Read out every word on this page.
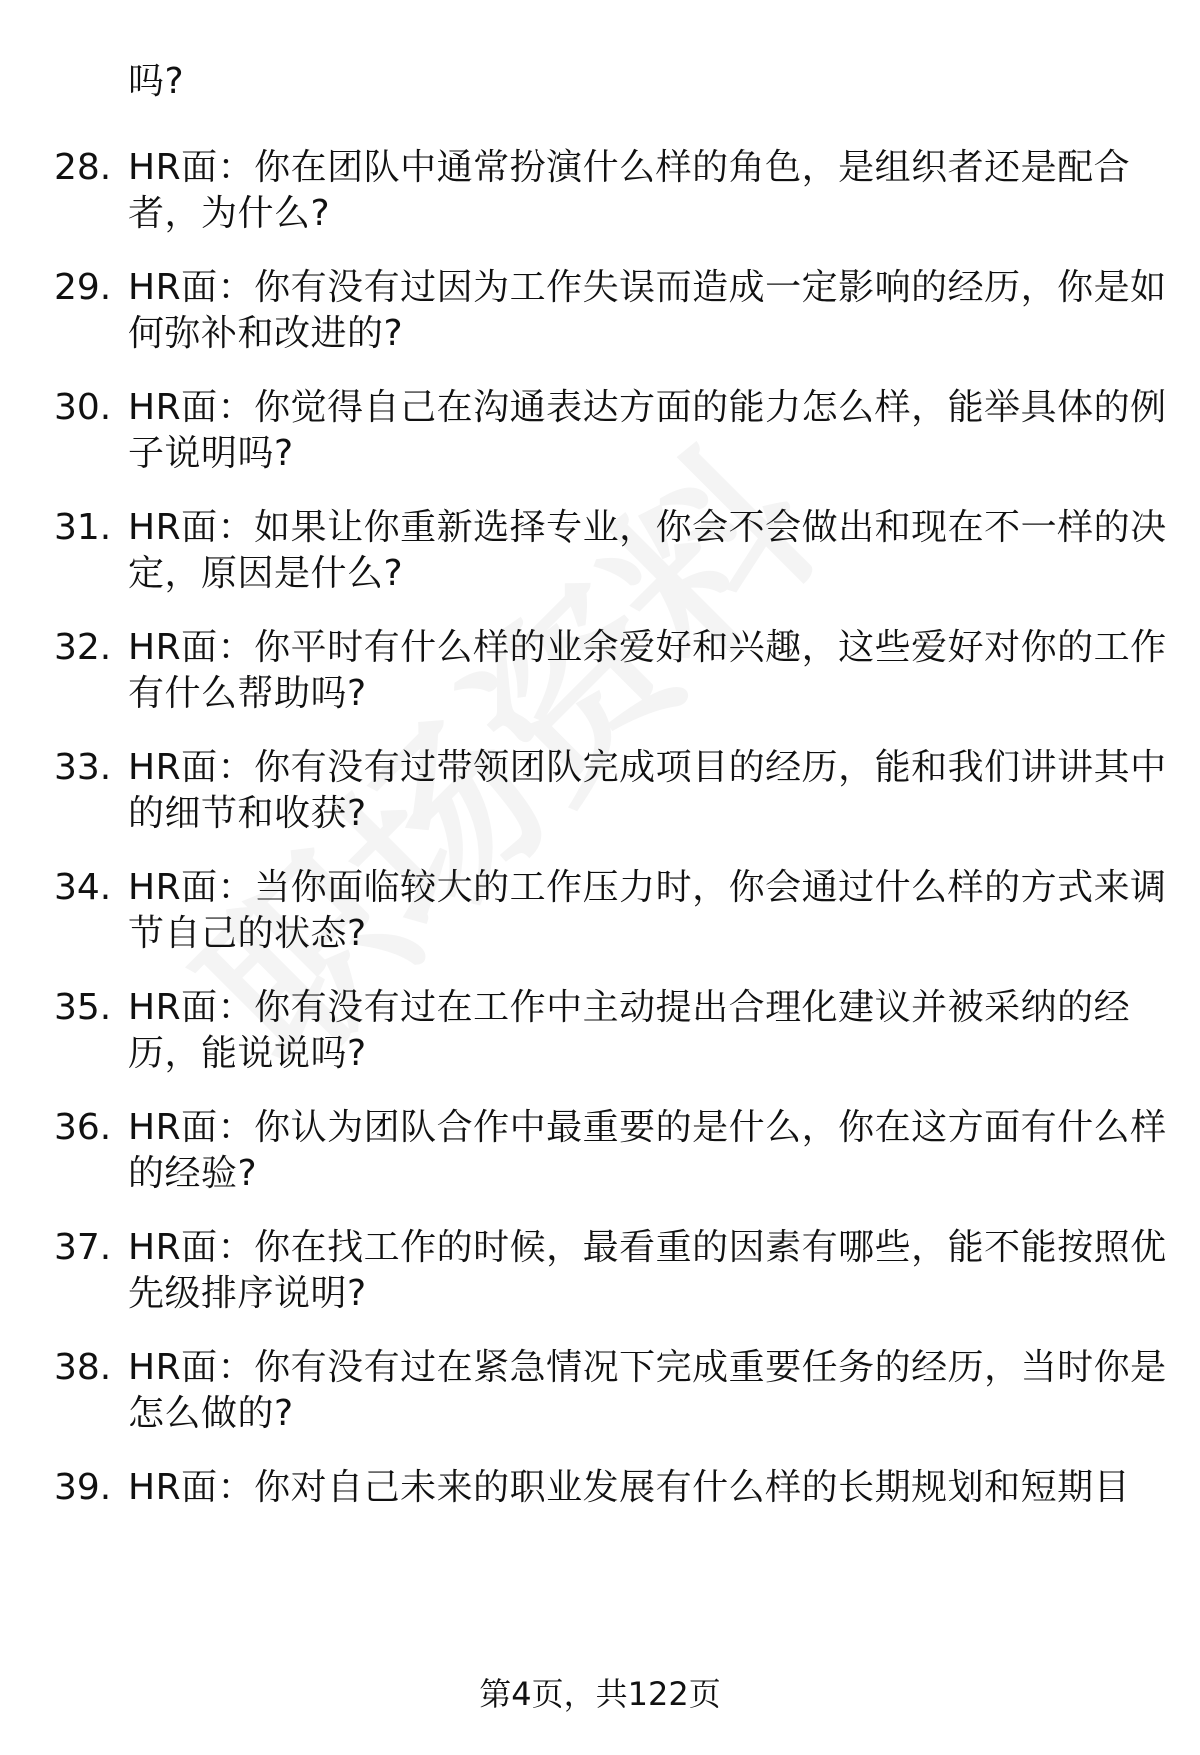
吗?
28. HR面：你在团队中通常扮演什么样的角色，是组织者还是配合
者，为什么?
29. HR面：你有没有过因为工作失误而造成一定影响的经历，你是如
何弥补和改进的?
30. HR面：你觉得自己在沟通表达方面的能力怎么样，能举具体的例
子说明吗?
31. HR面：如果让你重新选择专业，你会不会做出和现在不一样的决
定，原因是什么?
32. HR面：你平时有什么样的业余爱好和兴趣，这些爱好对你的工作
有什么帮助吗?
33. HR面：你有没有过带领团队完成项目的经历，能和我们讲讲其中
的细节和收获?
34. HR面：当你面临较大的工作压力时，你会通过什么样的方式来调
节自己的状态?
35. HR面：你有没有过在工作中主动提出合理化建议并被采纳的经
历，能说说吗?
36. HR面：你认为团队合作中最重要的是什么，你在这方面有什么样
的经验?
37. HR面：你在找工作的时候，最看重的因素有哪些，能不能按照优
先级排序说明?
38. HR面：你有没有过在紧急情况下完成重要任务的经历，当时你是
怎么做的?
39. HR面：你对自己未来的职业发展有什么样的长期规划和短期目
第4页，共122页
